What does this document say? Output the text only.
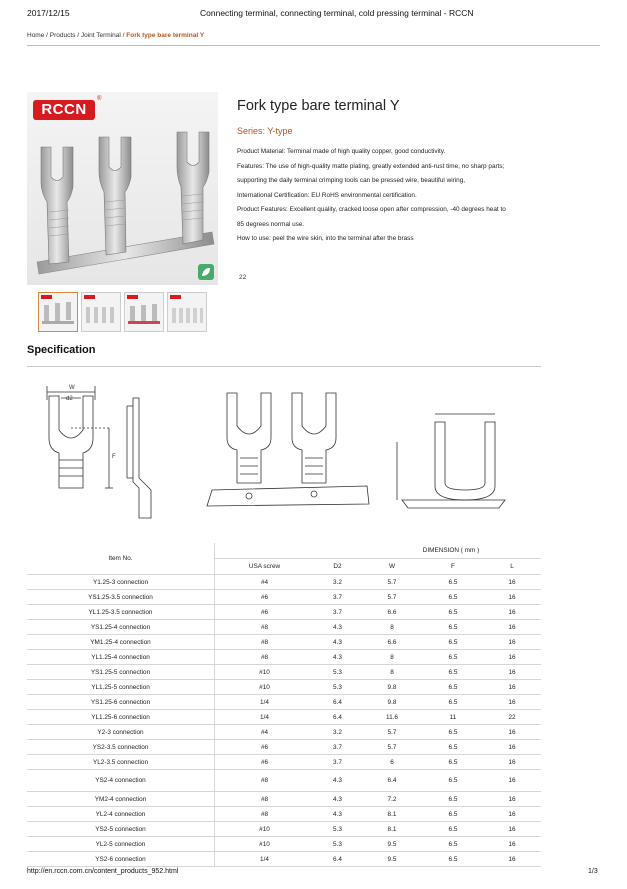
2017/12/15	Connecting terminal, connecting terminal, cold pressing terminal - RCCN
Home / Products / Joint Terminal / Fork type bare terminal Y
RCCN
®	Fork type bare terminal Y
Series: Y-type

Product Material: Terminal made of high quality copper, good conductivity.

Features: The use of high-quality matte plating, greatly extended anti-rust time, no sharp parts;

supporting the daily terminal crimping tools can be pressed wire, beautiful wiring,

International Certification: EU RoHS environmental certification.

Product Features: Excellent quality, cracked loose open after compression, -40 degrees heat to

85 degrees normal use.

How to use: peel the wire skin, into the terminal after the brass

22
Specification
W
d2
F
Item No.			DIMENSION ( mm )		
	USA screw	D2	W	F	L
Y1.25-3 connection	#4	3.2	5.7	6.5	16
YS1.25-3.5 connection	#6	3.7	5.7	6.5	16
YL1.25-3.5 connection	#6	3.7	6.6	6.5	16
YS1.25-4 connection	#8	4.3	8	6.5	16
YM1.25-4 connection	#8	4.3	6.6	6.5	16
YL1.25-4 connection	#8	4.3	8	6.5	16
YS1.25-5 connection	#10	5.3	8	6.5	16
YL1.25-5 connection	#10	5.3	9.8	6.5	16
YS1.25-6 connection	1/4	6.4	9.8	6.5	16
YL1.25-6 connection	1/4	6.4	11.6	11	22
Y2-3 connection	#4	3.2	5.7	6.5	16
YS2-3.5 connection	#6	3.7	5.7	6.5	16
YL2-3.5 connection	#6	3.7	6	6.5	16
YS2-4 connection	#8	4.3	6.4	6.5	16
YM2-4 connection	#8	4.3	7.2	6.5	16
YL2-4 connection	#8	4.3	8.1	6.5	16
YS2-5 connection	#10	5.3	8.1	6.5	16
YL2-5 connection	#10	5.3	9.5	6.5	16
YS2-6 connection	1/4	6.4	9.5	6.5	16
http://en.rccn.com.cn/content_products_952.html	1/3
